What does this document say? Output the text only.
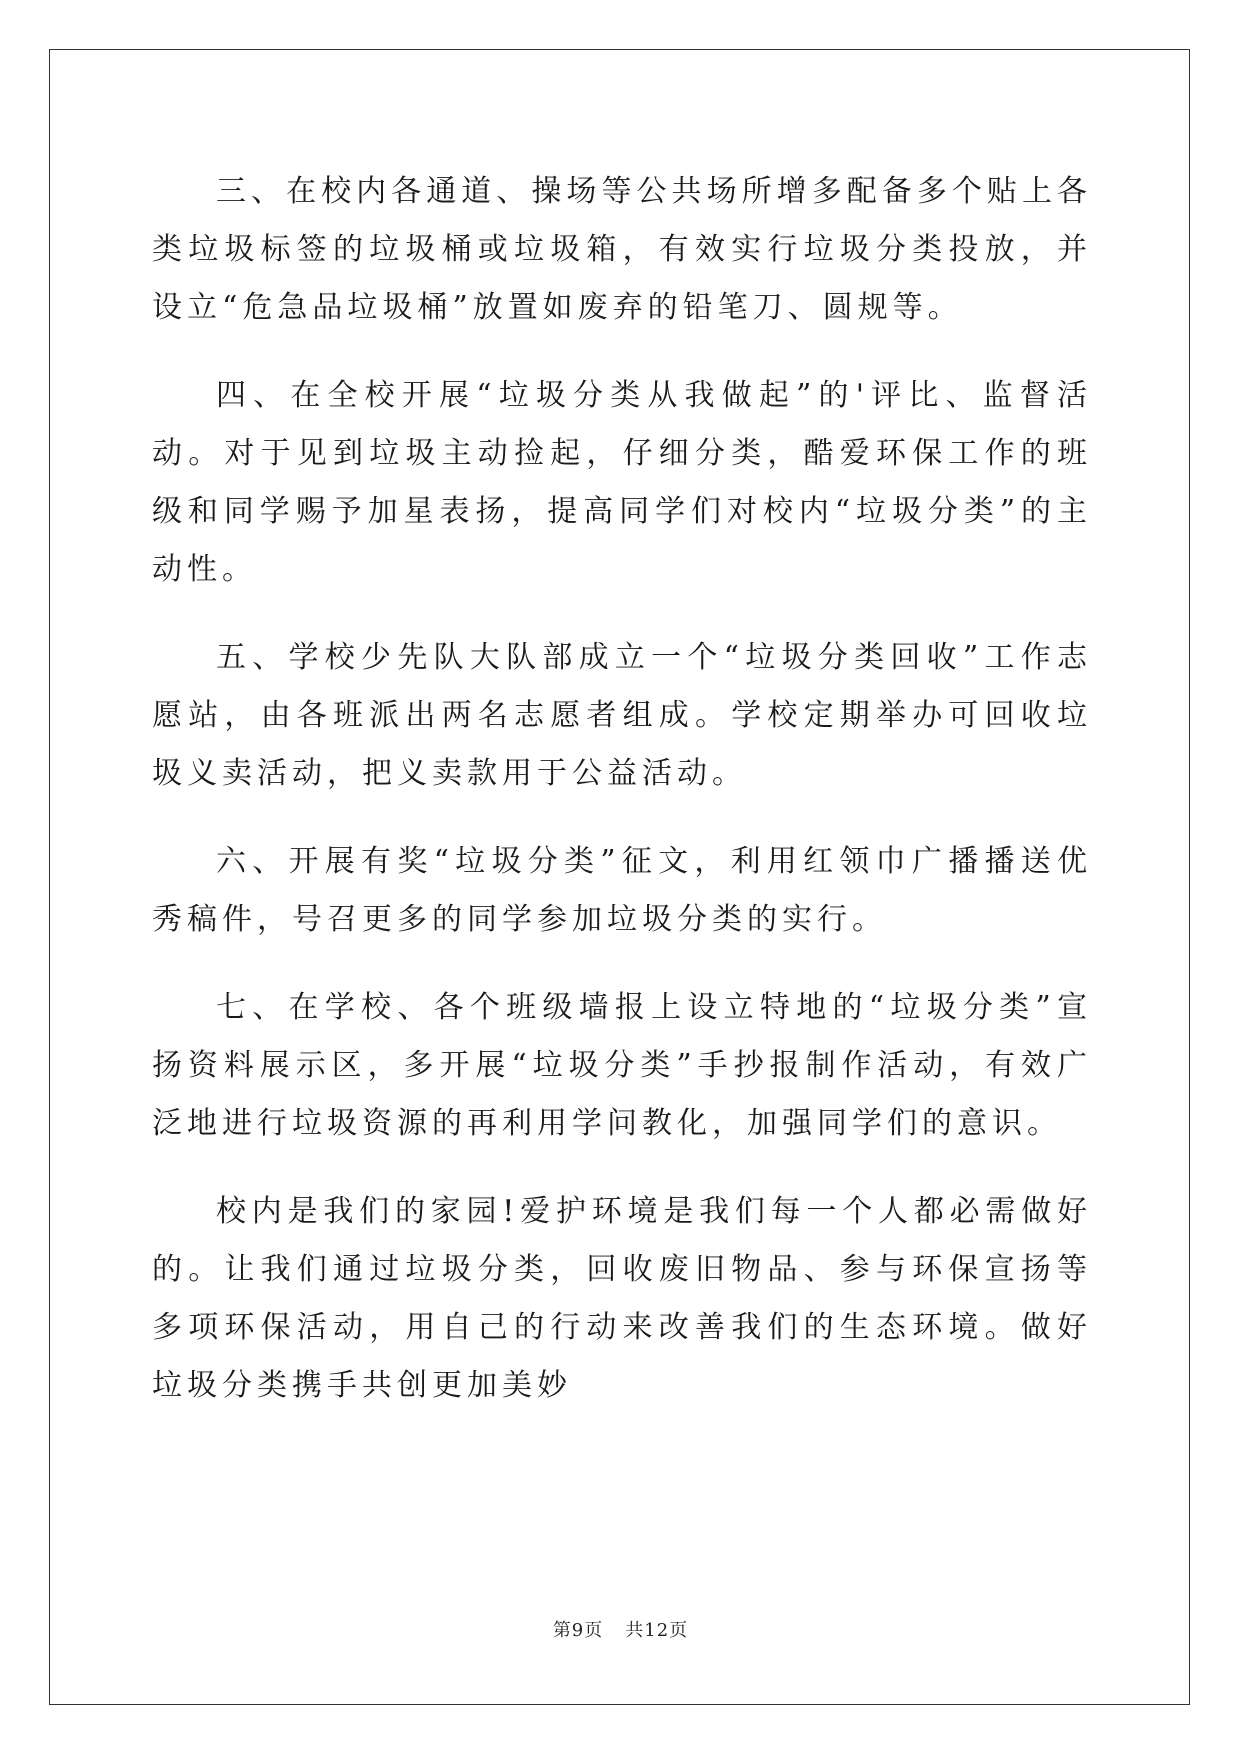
三、在校内各通道、操场等公共场所增多配备多个贴上各类垃圾标签的垃圾桶或垃圾箱，有效实行垃圾分类投放，并设立“危急品垃圾桶”放置如废弃的铅笔刀、圆规等。

四、在全校开展“垃圾分类从我做起”的'评比、监督活动。对于见到垃圾主动捡起，仔细分类，酷爱环保工作的班级和同学赐予加星表扬，提高同学们对校内“垃圾分类”的主动性。

五、学校少先队大队部成立一个“垃圾分类回收”工作志愿站，由各班派出两名志愿者组成。学校定期举办可回收垃圾义卖活动，把义卖款用于公益活动。

六、开展有奖“垃圾分类”征文，利用红领巾广播播送优秀稿件，号召更多的同学参加垃圾分类的实行。

七、在学校、各个班级墙报上设立特地的“垃圾分类”宣扬资料展示区，多开展“垃圾分类”手抄报制作活动，有效广泛地进行垃圾资源的再利用学问教化，加强同学们的意识。

校内是我们的家园!爱护环境是我们每一个人都必需做好的。让我们通过垃圾分类，回收废旧物品、参与环保宣扬等多项环保活动，用自己的行动来改善我们的生态环境。做好垃圾分类携手共创更加美妙

第9页 共12页
